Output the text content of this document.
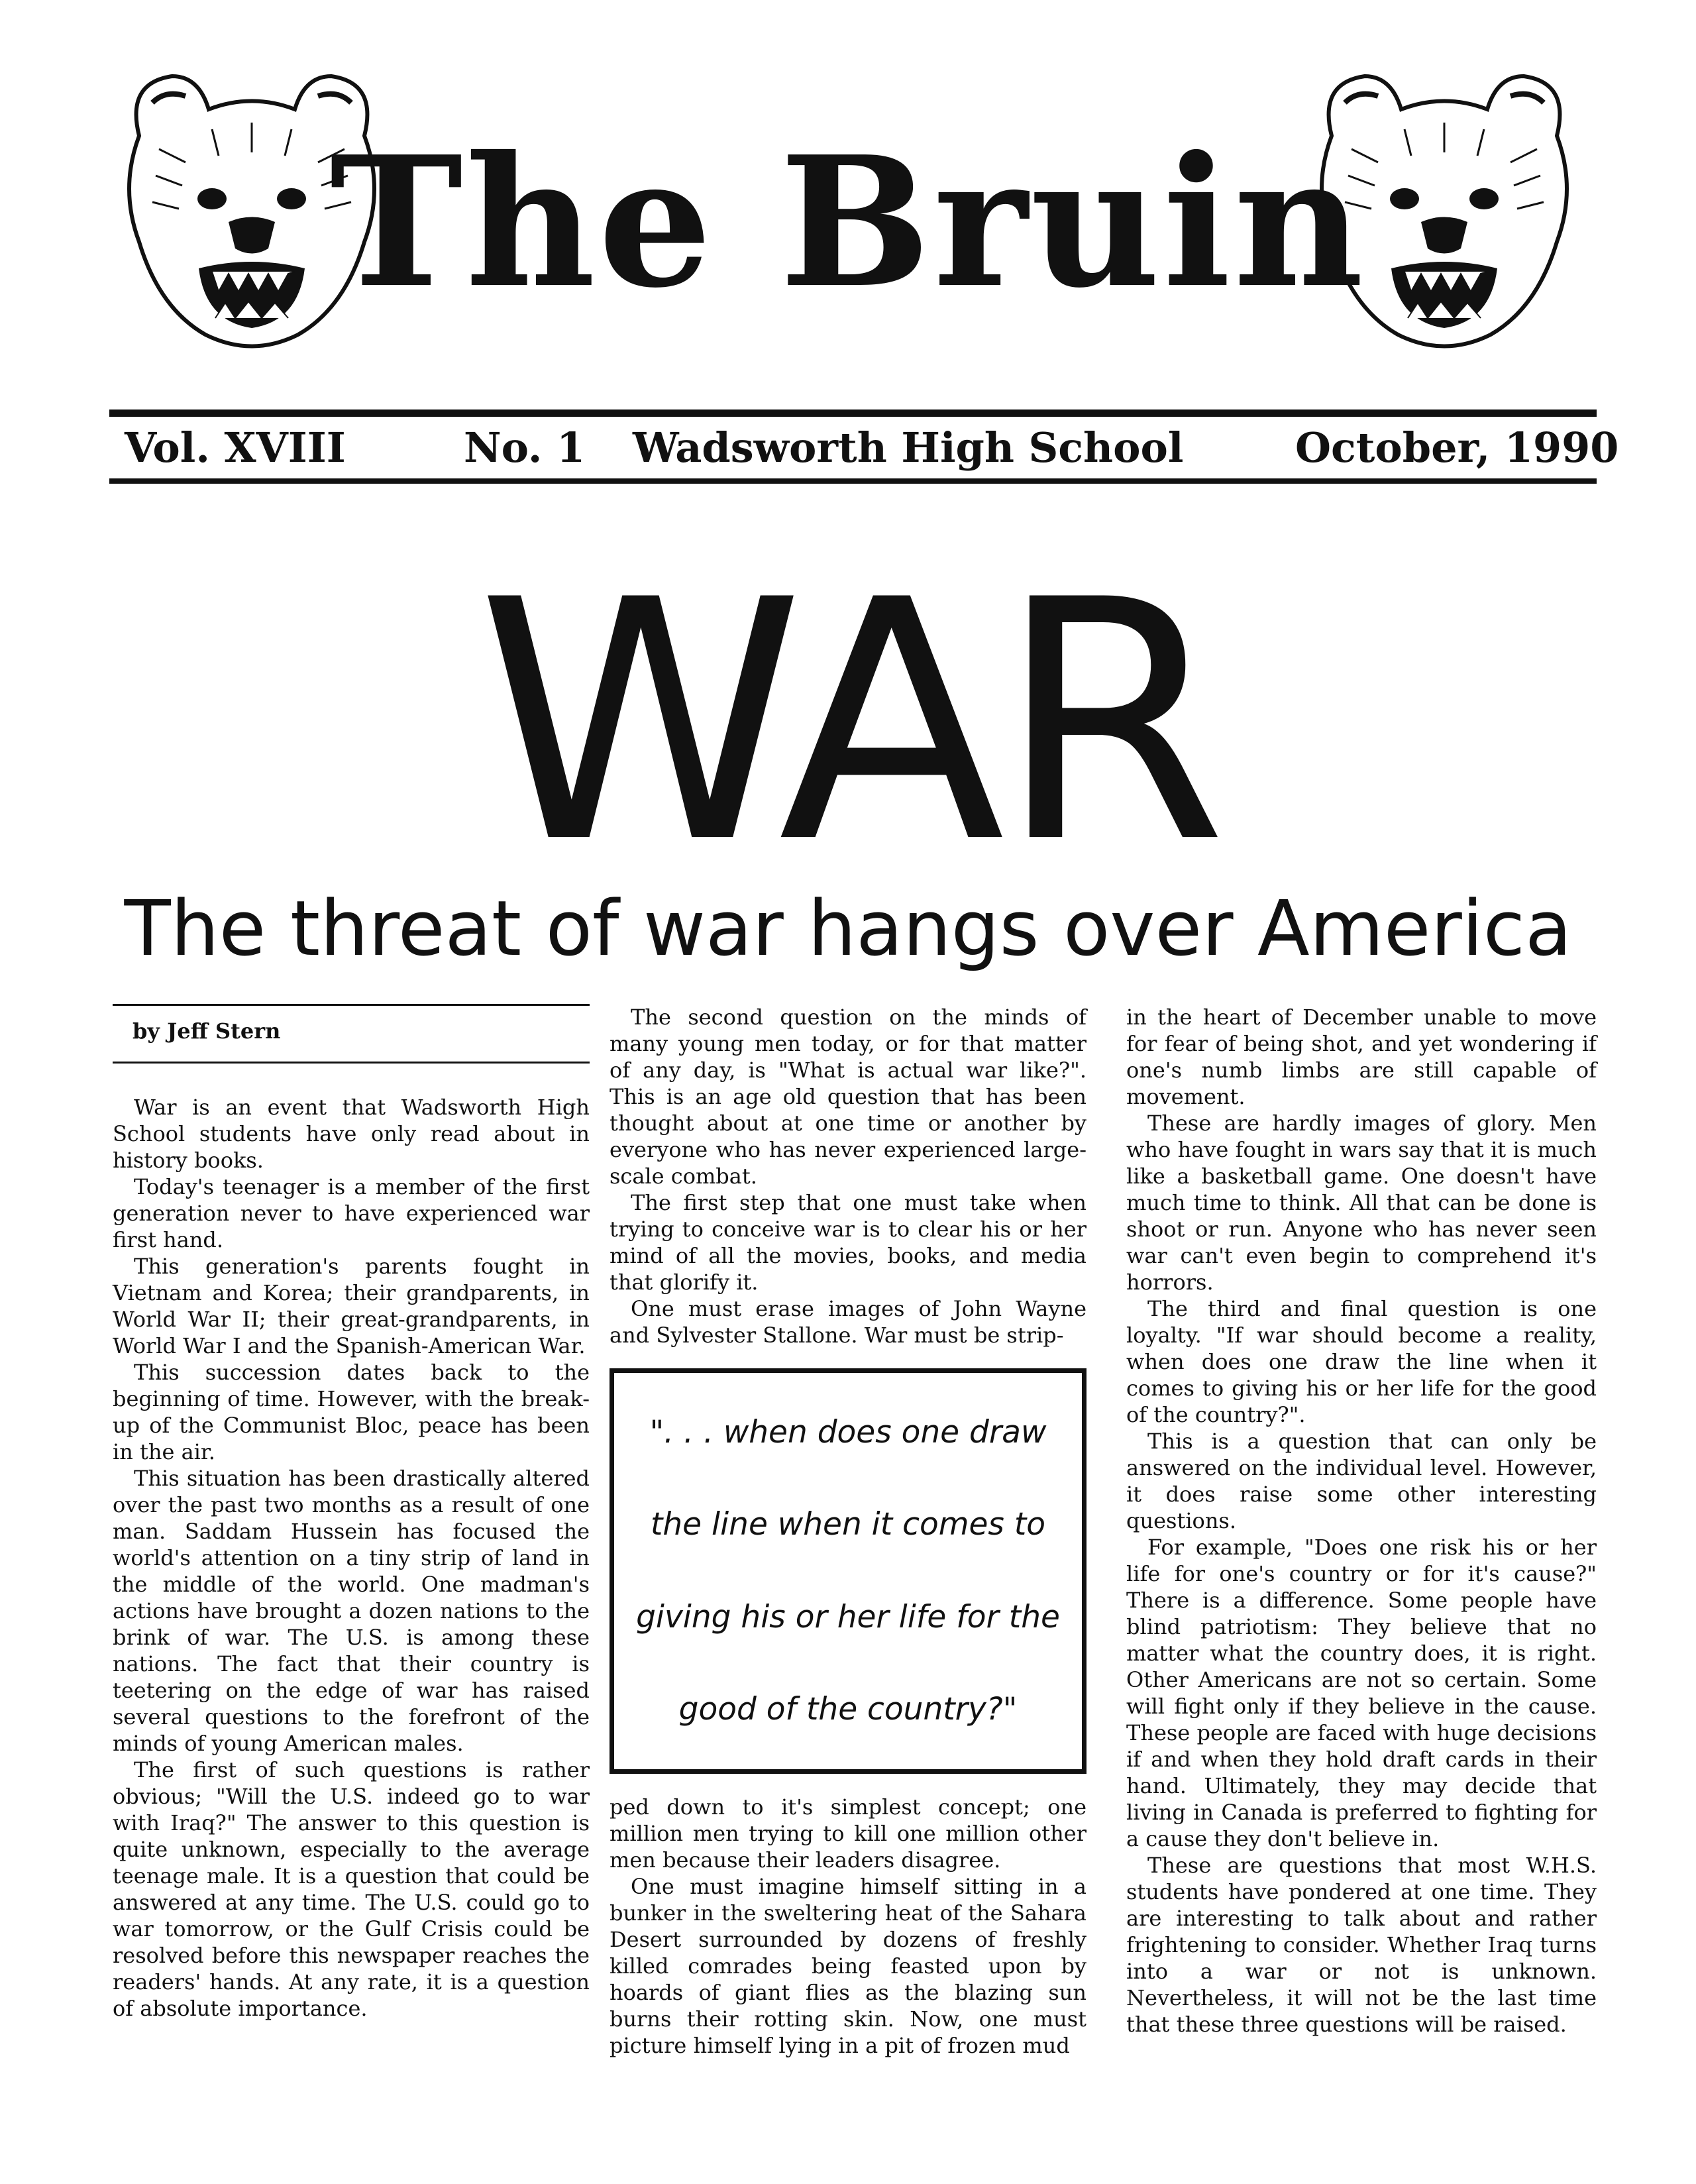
The Bruin
Vol. XVIII	No. 1 Wadsworth High School	October, 1990
WAR
The threat of war hangs over America
by Jeff Stern

War is an event that Wadsworth High School students have only read about in history books.

Today's teenager is a member of the first generation never to have experienced war first hand.

This generation's parents fought in Vietnam and Korea; their grandparents, in World War II; their great-grandparents, in World War I and the Spanish-American War.

This succession dates back to the beginning of time. However, with the break-up of the Communist Bloc, peace has been in the air.

This situation has been drastically altered over the past two months as a result of one man. Saddam Hussein has focused the world's attention on a tiny strip of land in the middle of the world. One madman's actions have brought a dozen nations to the brink of war. The U.S. is among these nations. The fact that their country is teetering on the edge of war has raised several questions to the forefront of the minds of young American males.

The first of such questions is rather obvious; "Will the U.S. indeed go to war with Iraq?" The answer to this question is quite unknown, especially to the average teenage male. It is a question that could be answered at any time. The U.S. could go to war tomorrow, or the Gulf Crisis could be resolved before this newspaper reaches the readers' hands. At any rate, it is a question of absolute importance.

The second question on the minds of many young men today, or for that matter of any day, is "What is actual war like?". This is an age old question that has been thought about at one time or another by everyone who has never experienced large-scale combat.

The first step that one must take when trying to conceive war is to clear his or her mind of all the movies, books, and media that glorify it.

One must erase images of John Wayne and Sylvester Stallone. War must be strip-

". . . when does one draw
the line when it comes to
giving his or her life for the
good of the country?"

ped down to it's simplest concept; one million men trying to kill one million other men because their leaders disagree.

One must imagine himself sitting in a bunker in the sweltering heat of the Sahara Desert surrounded by dozens of freshly killed comrades being feasted upon by hoards of giant flies as the blazing sun burns their rotting skin. Now, one must picture himself lying in a pit of frozen mud

in the heart of December unable to move for fear of being shot, and yet wondering if one's numb limbs are still capable of movement.

These are hardly images of glory. Men who have fought in wars say that it is much like a basketball game. One doesn't have much time to think. All that can be done is shoot or run. Anyone who has never seen war can't even begin to comprehend it's horrors.

The third and final question is one loyalty. "If war should become a reality, when does one draw the line when it comes to giving his or her life for the good of the country?".

This is a question that can only be answered on the individual level. However, it does raise some other interesting questions.

For example, "Does one risk his or her life for one's country or for it's cause?" There is a difference. Some people have blind patriotism: They believe that no matter what the country does, it is right. Other Americans are not so certain. Some will fight only if they believe in the cause. These people are faced with huge decisions if and when they hold draft cards in their hand. Ultimately, they may decide that living in Canada is preferred to fighting for a cause they don't believe in.

These are questions that most W.H.S. students have pondered at one time. They are interesting to talk about and rather frightening to consider. Whether Iraq turns into a war or not is unknown. Nevertheless, it will not be the last time that these three questions will be raised.
